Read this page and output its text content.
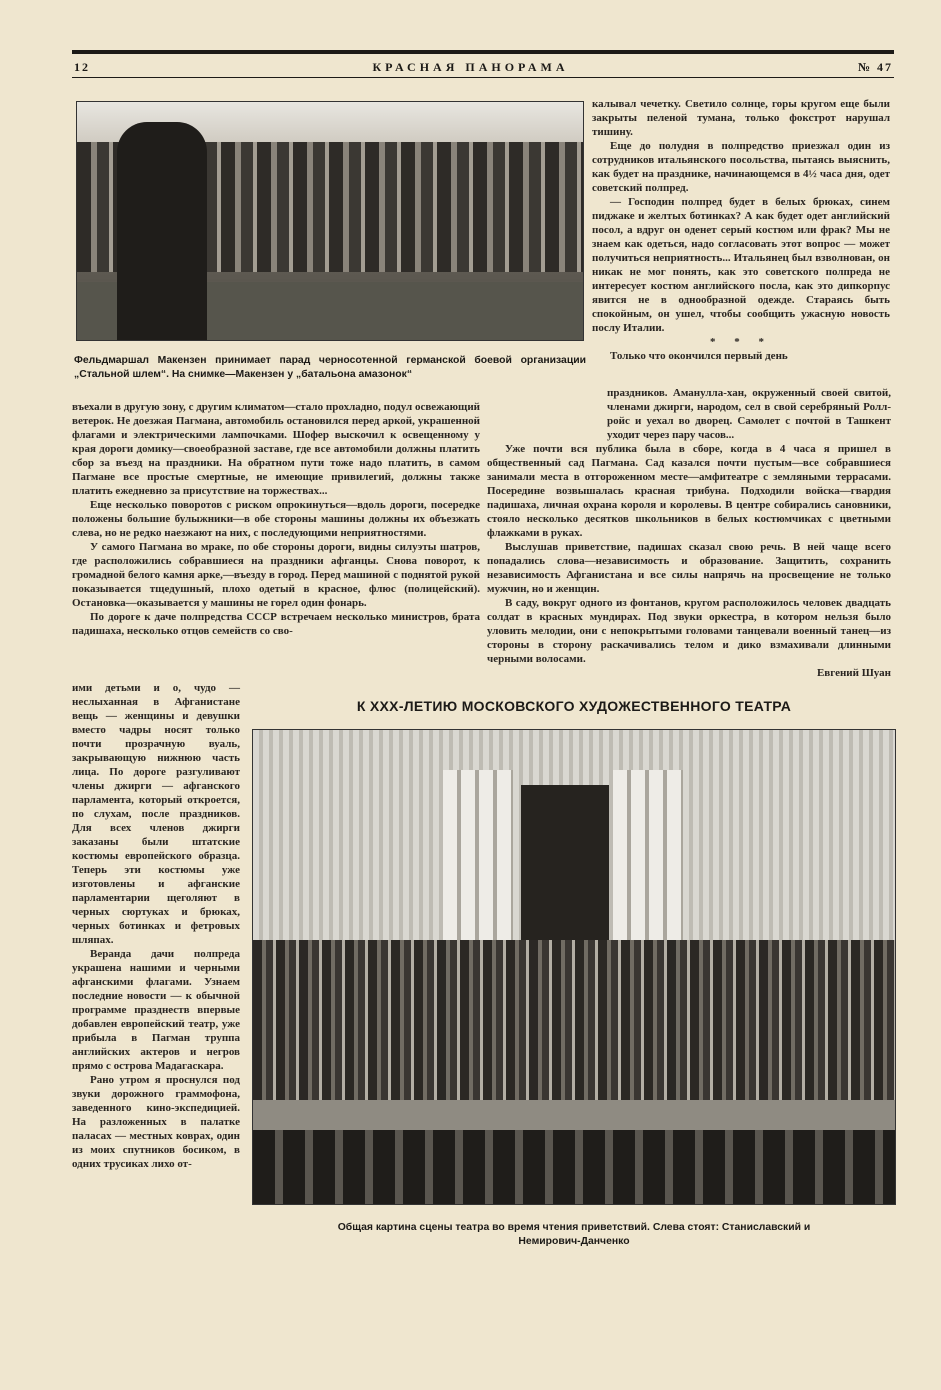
12	КРАСНАЯ ПАНОРАМА	№ 47
Фельдмаршал Макензен принимает парад черносотенной германской боевой организации „Стальной шлем“. На снимке—Макензен у „батальона амазонок“

калывал чечетку. Светило солнце, горы кругом еще были закрыты пеленой тумана, только фокстрот нарушал тишину.

Еще до полудня в полпредство приезжал один из сотрудников итальянского посольства, пытаясь выяснить, как будет на празднике, начинающемся в 4½ часа дня, одет советский полпред.

— Господин полпред будет в белых брюках, синем пиджаке и желтых ботинках? А как будет одет английский посол, а вдруг он оденет серый костюм или фрак? Мы не знаем как одеться, надо согласовать этот вопрос — может получиться неприятность... Итальянец был взволнован, он никак не мог понять, как это советского полпреда не интересует костюм английского посла, как это дипкорпус явится не в однообразной одежде. Стараясь быть спокойным, он ушел, чтобы сообщить ужасную новость послу Италии.

* * *

Только что окончился первый день

въехали в другую зону, с другим климатом—стало прохладно, подул освежающий ветерок. Не доезжая Пагмана, автомобиль остановился перед аркой, украшенной флагами и электрическими лампочками. Шофер выскочил к освещенному у края дороги домику—своеобразной заставе, где все автомобили должны платить сбор за въезд на праздники. На обратном пути тоже надо платить, в самом Пагмане все простые смертные, не имеющие привилегий, должны также платить ежедневно за присутствие на торжествах...

Еще несколько поворотов с риском опрокинуться—вдоль дороги, посередке положены большие булыжники—в обе стороны машины должны их объезжать слева, но не редко наезжают на них, с последующими неприятностями.

У самого Пагмана во мраке, по обе стороны дороги, видны силуэты шатров, где расположились собравшиеся на праздники афганцы. Снова поворот, к громадной белого камня арке,—въезду в город. Перед машиной с поднятой рукой показывается тщедушный, плохо одетый в красное, флюс (полицейский). Остановка—оказывается у машины не горел один фонарь.

По дороге к даче полпредства СССР встречаем несколько министров, брата падишаха, несколько отцов семейств со сво-

ими детьми и о, чудо — неслыханная в Афганистане вещь — женщины и девушки вместо чадры носят только почти прозрачную вуаль, закрывающую нижнюю часть лица. По дороге разгуливают члены джирги — афганского парламента, который откроется, по слухам, после праздников. Для всех членов джирги заказаны были штатские костюмы европейского образца. Теперь эти костюмы уже изготовлены и афганские парламентарии щеголяют в черных сюртуках и брюках, черных ботинках и фетровых шляпах.

Веранда дачи полпреда украшена нашими и черными афганскими флагами. Узнаем последние новости — к обычной программе празднеств впервые добавлен европейский театр, уже прибыла в Пагман труппа английских актеров и негров прямо с острова Мадагаскара.

Рано утром я проснулся под звуки дорожного граммофона, заведенного кино-экспедицией. На разложенных в палатке паласах — местных коврах, один из моих спутников босиком, в одних трусиках лихо от-

праздников. Аманулла-хан, окруженный своей свитой, членами джирги, народом, сел в свой серебряный Ролл-ройс и уехал во дворец. Самолет с почтой в Ташкент уходит через пару часов...

Уже почти вся публика была в сборе, когда в 4 часа я пришел в общественный сад Пагмана. Сад казался почти пустым—все собравшиеся занимали места в отгороженном месте—амфитеатре с земляными террасами. Посередине возвышалась красная трибуна. Подходили войска—гвардия падишаха, личная охрана короля и королевы. В центре собирались сановники, стояло несколько десятков школьников в белых костюмчиках с цветными флажками в руках.

Выслушав приветствие, падишах сказал свою речь. В ней чаще всего попадались слова—независимость и образование. Защитить, сохранить независимость Афганистана и все силы напрячь на просвещение не только мужчин, но и женщин.

В саду, вокруг одного из фонтанов, кругом расположилось человек двадцать солдат в красных мундирах. Под звуки оркестра, в котором нельзя было уловить мелодии, они с непокрытыми головами танцевали военный танец—из стороны в сторону раскачивались телом и дико взмахивали длинными черными волосами.

Евгений Шуан

К XXX-ЛЕТИЮ МОСКОВСКОГО ХУДОЖЕСТВЕННОГО ТЕАТРА
Общая картина сцены театра во время чтения приветствий. Слева стоят: Станиславский и
Немирович-Данченко
